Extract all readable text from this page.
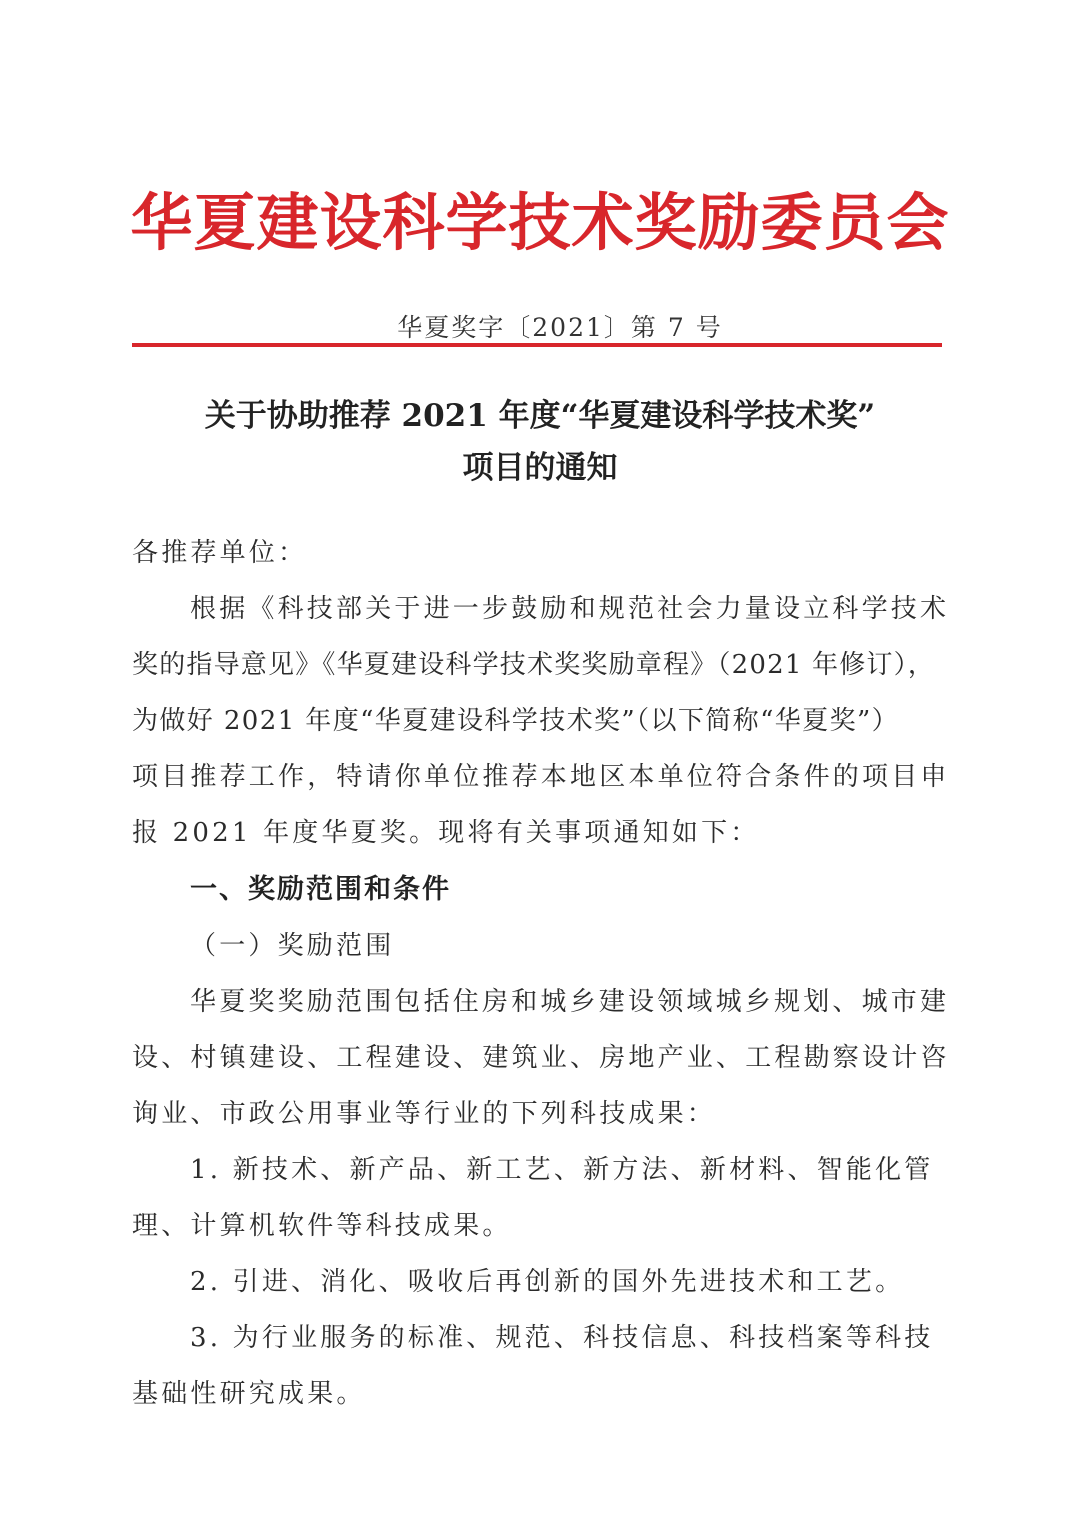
华夏建设科学技术奖励委员会
华夏奖字〔2021〕第 7 号
关于协助推荐 2021 年度“华夏建设科学技术奖”
项目的通知
各推荐单位：
根据《科技部关于进一步鼓励和规范社会力量设立科学技术
奖的指导意见》《华夏建设科学技术奖奖励章程》（2021 年修订），
为做好 2021 年度“华夏建设科学技术奖”（以下简称“华夏奖”）
项目推荐工作，特请你单位推荐本地区本单位符合条件的项目申
报 2021 年度华夏奖。现将有关事项通知如下：
一、奖励范围和条件
（一）奖励范围
华夏奖奖励范围包括住房和城乡建设领域城乡规划、城市建
设、村镇建设、工程建设、建筑业、房地产业、工程勘察设计咨
询业、市政公用事业等行业的下列科技成果：
1. 新技术、新产品、新工艺、新方法、新材料、智能化管
理、计算机软件等科技成果。
2. 引进、消化、吸收后再创新的国外先进技术和工艺。
3. 为行业服务的标准、规范、科技信息、科技档案等科技
基础性研究成果。
